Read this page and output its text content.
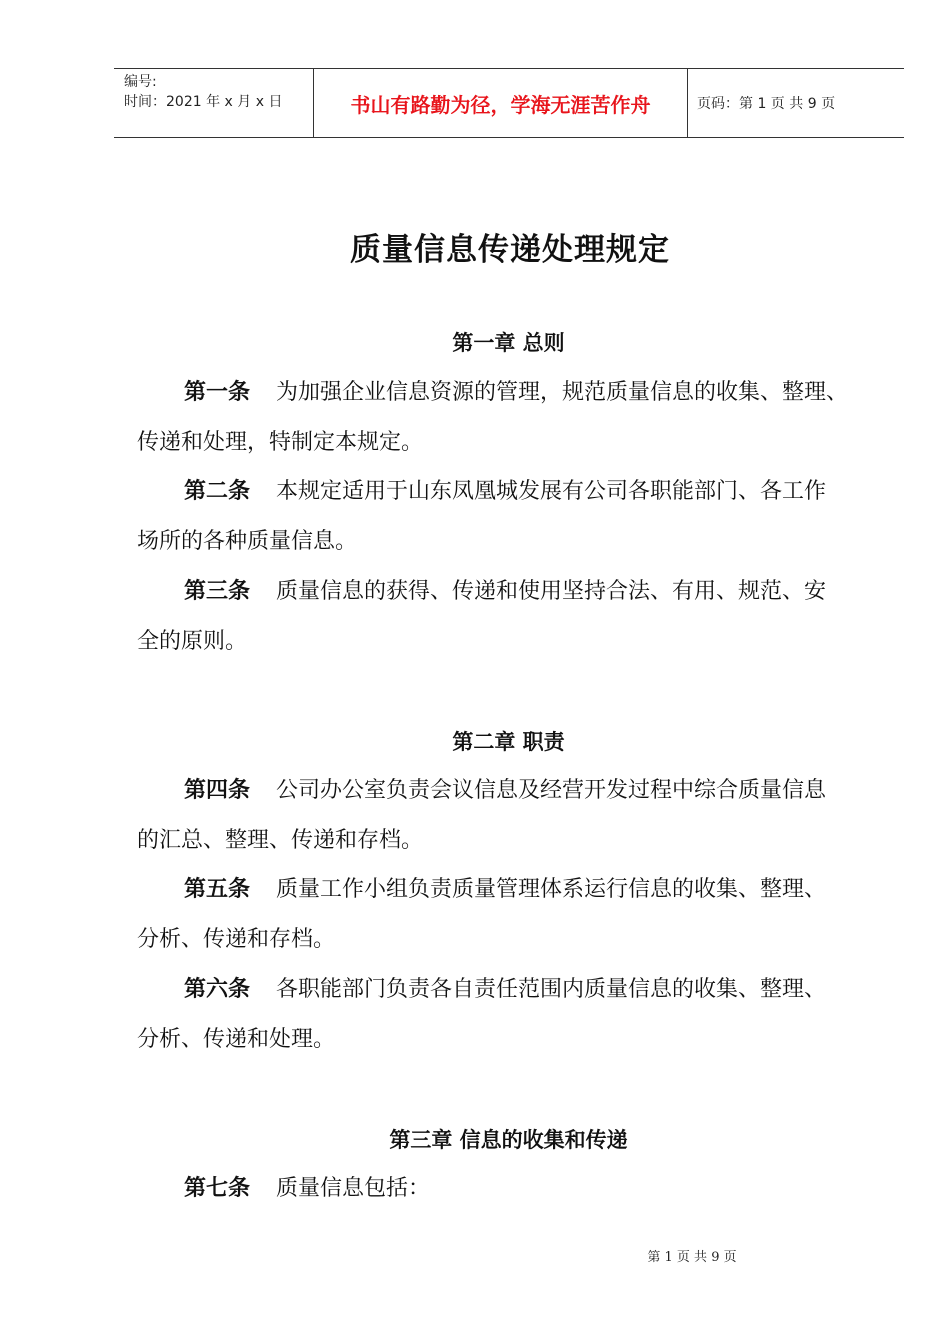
编号:
时间：2021 年 x 月 x 日	书山有路勤为径，学海无涯苦作舟	页码：第 1 页 共 9 页
质量信息传递处理规定
第一章 总则
第一条 为加强企业信息资源的管理，规范质量信息的收集、整理、
传递和处理，特制定本规定。
第二条 本规定适用于山东凤凰城发展有公司各职能部门、各工作
场所的各种质量信息。
第三条 质量信息的获得、传递和使用坚持合法、有用、规范、安
全的原则。
第二章 职责
第四条 公司办公室负责会议信息及经营开发过程中综合质量信息
的汇总、整理、传递和存档。
第五条 质量工作小组负责质量管理体系运行信息的收集、整理、
分析、传递和存档。
第六条 各职能部门负责各自责任范围内质量信息的收集、整理、
分析、传递和处理。
第三章 信息的收集和传递
第七条 质量信息包括：
第 1 页 共 9 页
